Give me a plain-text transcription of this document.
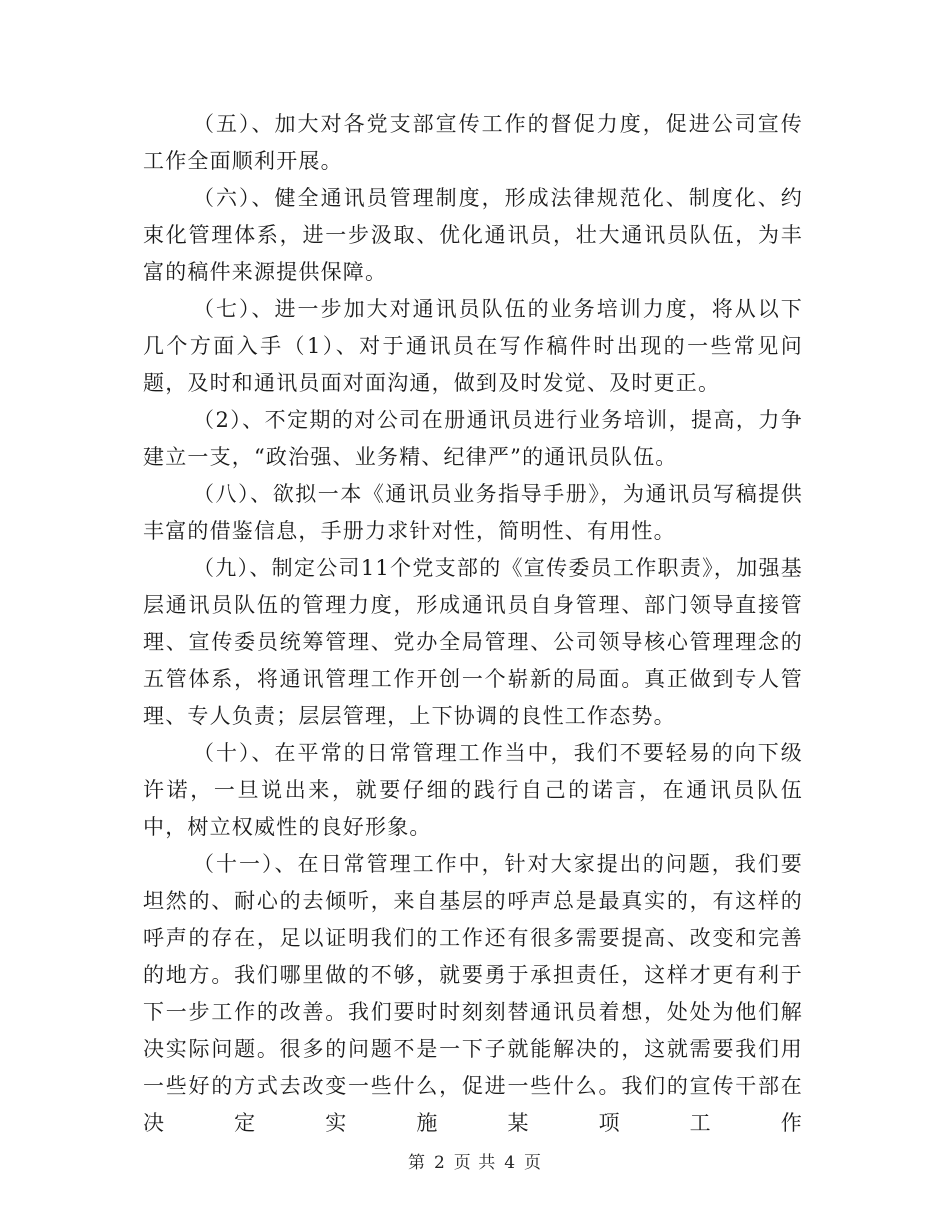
（五）、加大对各党支部宣传工作的督促力度，促进公司宣传工作全面顺利开展。

（六）、健全通讯员管理制度，形成法律规范化、制度化、约束化管理体系，进一步汲取、优化通讯员，壮大通讯员队伍，为丰富的稿件来源提供保障。

（七）、进一步加大对通讯员队伍的业务培训力度，将从以下几个方面入手（1）、对于通讯员在写作稿件时出现的一些常见问题，及时和通讯员面对面沟通，做到及时发觉、及时更正。

（2）、不定期的对公司在册通讯员进行业务培训，提高，力争建立一支，“政治强、业务精、纪律严”的通讯员队伍。

（八）、欲拟一本《通讯员业务指导手册》，为通讯员写稿提供丰富的借鉴信息，手册力求针对性，简明性、有用性。

（九）、制定公司11个党支部的《宣传委员工作职责》，加强基层通讯员队伍的管理力度，形成通讯员自身管理、部门领导直接管理、宣传委员统筹管理、党办全局管理、公司领导核心管理理念的五管体系，将通讯管理工作开创一个崭新的局面。真正做到专人管理、专人负责；层层管理，上下协调的良性工作态势。

（十）、在平常的日常管理工作当中，我们不要轻易的向下级许诺，一旦说出来，就要仔细的践行自己的诺言，在通讯员队伍中，树立权威性的良好形象。

（十一）、在日常管理工作中，针对大家提出的问题，我们要坦然的、耐心的去倾听，来自基层的呼声总是最真实的，有这样的呼声的存在，足以证明我们的工作还有很多需要提高、改变和完善的地方。我们哪里做的不够，就要勇于承担责任，这样才更有利于下一步工作的改善。我们要时时刻刻替通讯员着想，处处为他们解决实际问题。很多的问题不是一下子就能解决的，这就需要我们用一些好的方式去改变一些什么，促进一些什么。我们的宣传干部在决定实施某项工作

第 2 页 共 4 页
